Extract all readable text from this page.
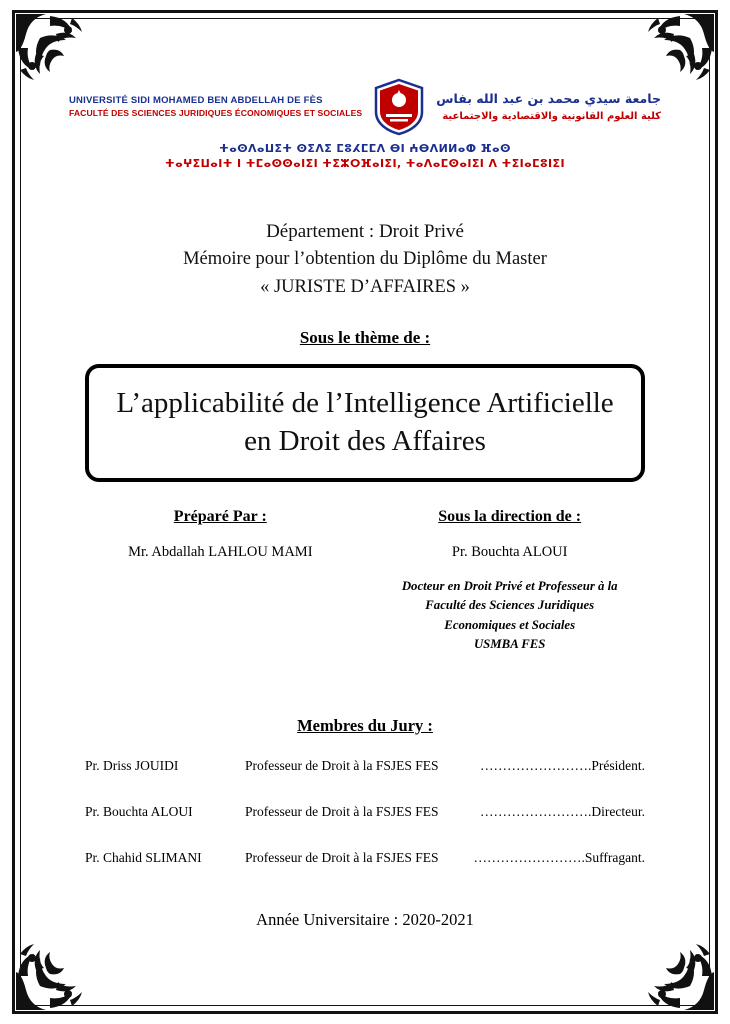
UNIVERSITÉ SIDI MOHAMED BEN ABDELLAH DE FÈS
FACULTÉ DES SCIENCES JURIDIQUES ÉCONOMIQUES ET SOCIALES
جامعة سيدي محمد بن عبد الله بفاس
كلية العلوم القانونية والاقتصادية والاجتماعية
ⵜⴰⵙⴷⴰⵡⵉⵜ ⵙⵉⴷⵉ ⵎⵓⵃⵎⵎⴷ ⴱⵏ ⵄⴱⴷⵍⵍⴰⵀ ⴼⴰⵙ
ⵜⴰⵖⵉⵡⴰⵏⵜ ⵏ ⵜⵎⴰⵙⵙⴰⵏⵉⵏ ⵜⵉⵣⵔⴼⴰⵏⵉⵏ, ⵜⴰⴷⴰⵎⵙⴰⵏⵉⵏ ⴷ ⵜⵉⵏⴰⵎⵓⵏⵉⵏ
Département : Droit Privé
Mémoire pour l’obtention du Diplôme du Master
« JURISTE D’AFFAIRES »
Sous le thème de :
L’applicabilité de l’Intelligence Artificielle
en Droit des Affaires
Préparé Par :
Mr. Abdallah LAHLOU MAMI
Sous la direction de :
Pr. Bouchta ALOUI
Docteur en Droit Privé et Professeur à la
Faculté des Sciences Juridiques
Economiques et Sociales
USMBA FES
Membres du Jury :
Pr. Driss JOUIDI	Professeur de Droit à la FSJES FES	…………………….Président.
Pr. Bouchta ALOUI	Professeur de Droit à la FSJES FES	…………………….Directeur.
Pr. Chahid SLIMANI	Professeur de Droit à la FSJES FES	…………………….Suffragant.
Année Universitaire : 2020-2021
